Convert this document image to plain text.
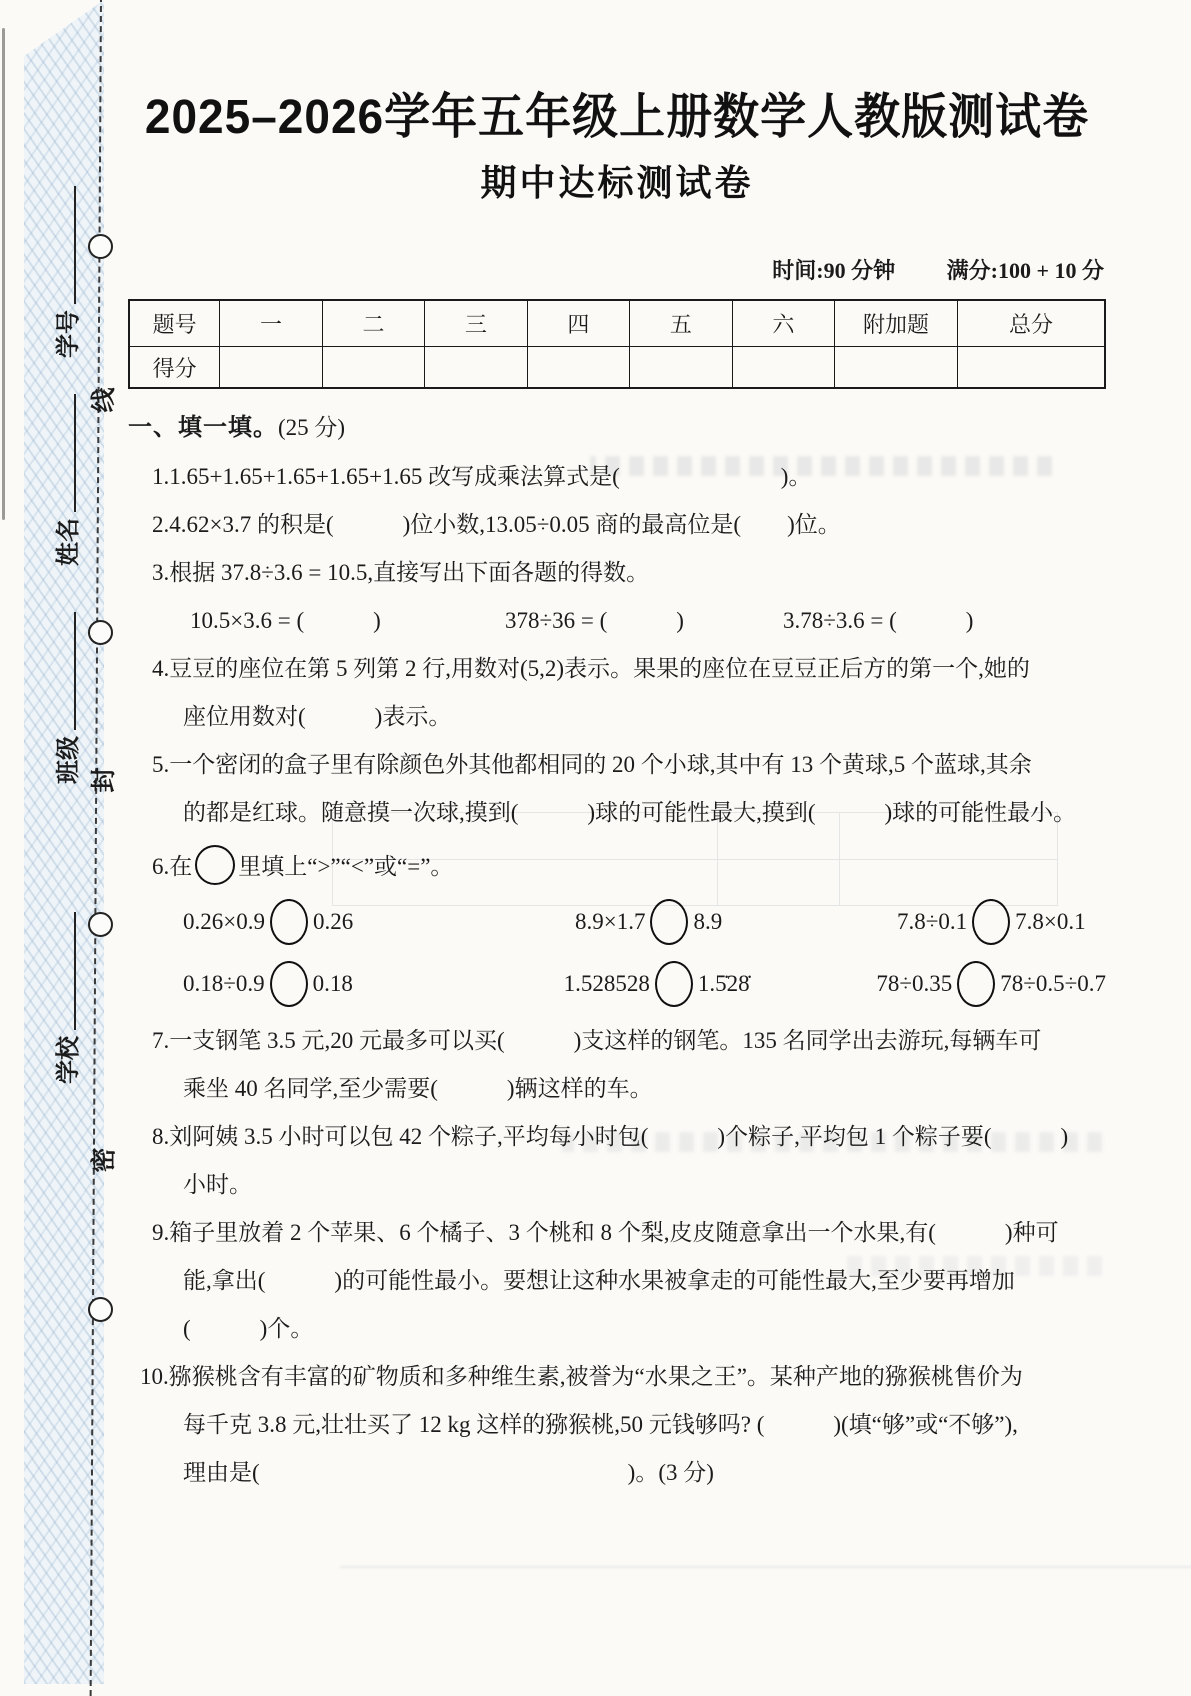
线
封
密
学号
姓名
班级
学校
2025–2026学年五年级上册数学人教版测试卷
期中达标测试卷
时间:90 分钟 满分:100 + 10 分
题号	一	二	三	四	五	六	附加题	总分
得分								
一、填一填。(25 分)
1.1.65+1.65+1.65+1.65+1.65 改写成乘法算式是(　　　　　　　)。
2.4.62×3.7 的积是(　　　)位小数,13.05÷0.05 商的最高位是(　　)位。
3.根据 37.8÷3.6 = 10.5,直接写出下面各题的得数。
10.5×3.6 = (　　　)	378÷36 = (　　　)	3.78÷3.6 = (　　　)
4.豆豆的座位在第 5 列第 2 行,用数对(5,2)表示。果果的座位在豆豆正后方的第一个,她的
座位用数对(　　　)表示。
5.一个密闭的盒子里有除颜色外其他都相同的 20 个小球,其中有 13 个黄球,5 个蓝球,其余
的都是红球。随意摸一次球,摸到(　　　)球的可能性最大,摸到(　　　)球的可能性最小。
6.在 里填上“>”“<”或“=”。
0.26×0.9 0.26	8.9×1.7 8.9	7.8÷0.1 7.8×0.1
0.18÷0.9 0.18	1.528528 1.5̇28̇	78÷0.35 78÷0.5÷0.7
7.一支钢笔 3.5 元,20 元最多可以买(　　　)支这样的钢笔。135 名同学出去游玩,每辆车可
乘坐 40 名同学,至少需要(　　　)辆这样的车。
8.刘阿姨 3.5 小时可以包 42 个粽子,平均每小时包(　　　)个粽子,平均包 1 个粽子要(　　　)
小时。
9.箱子里放着 2 个苹果、6 个橘子、3 个桃和 8 个梨,皮皮随意拿出一个水果,有(　　　)种可
能,拿出(　　　)的可能性最小。要想让这种水果被拿走的可能性最大,至少要再增加
(　　　)个。
10.猕猴桃含有丰富的矿物质和多种维生素,被誉为“水果之王”。某种产地的猕猴桃售价为
每千克 3.8 元,壮壮买了 12 kg 这样的猕猴桃,50 元钱够吗? (　　　)(填“够”或“不够”),
理由是(　　　　　　　　　　　　　　　　)。(3 分)
